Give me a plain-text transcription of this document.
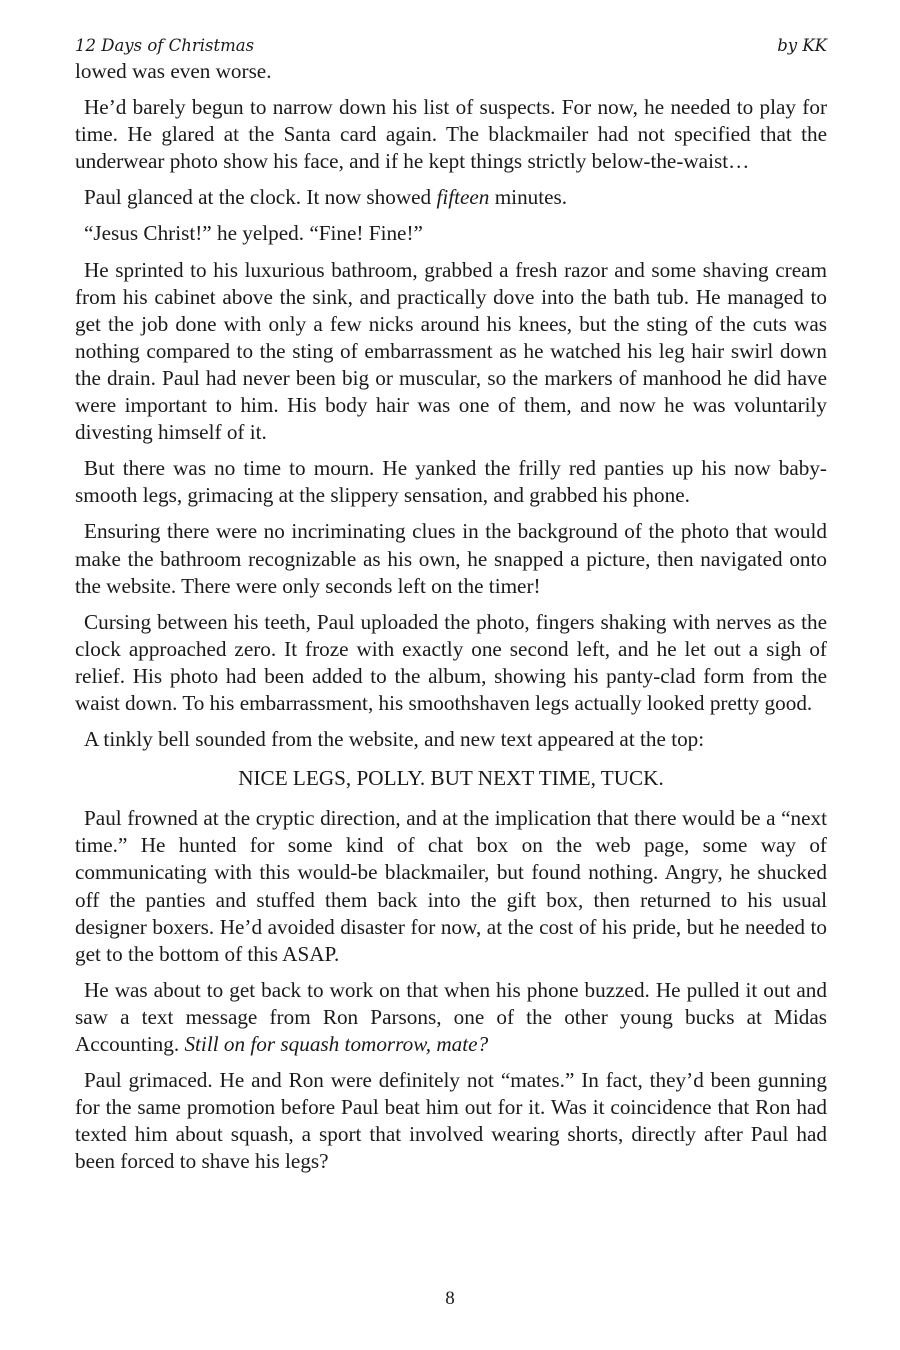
12 Days of Christmas	by KK

lowed was even worse.

He’d barely begun to narrow down his list of suspects. For now, he needed to play for time. He glared at the Santa card again. The blackmailer had not specified that the underwear photo show his face, and if he kept things strictly below-the-waist…

Paul glanced at the clock. It now showed fifteen minutes.

“Jesus Christ!” he yelped. “Fine! Fine!”

He sprinted to his luxurious bathroom, grabbed a fresh razor and some shaving cream from his cabinet above the sink, and practically dove into the bath tub. He managed to get the job done with only a few nicks around his knees, but the sting of the cuts was nothing compared to the sting of embarrassment as he watched his leg hair swirl down the drain. Paul had never been big or muscular, so the markers of manhood he did have were important to him. His body hair was one of them, and now he was voluntarily divesting himself of it.

But there was no time to mourn. He yanked the frilly red panties up his now baby-smooth legs, grimacing at the slippery sensation, and grabbed his phone.

Ensuring there were no incriminating clues in the background of the photo that would make the bathroom recognizable as his own, he snapped a picture, then navigated onto the website. There were only seconds left on the timer!

Cursing between his teeth, Paul uploaded the photo, fingers shaking with nerves as the clock approached zero. It froze with exactly one second left, and he let out a sigh of relief. His photo had been added to the album, showing his panty-clad form from the waist down. To his embarrassment, his smoothshaven legs actually looked pretty good.

A tinkly bell sounded from the website, and new text appeared at the top:

NICE LEGS, POLLY. BUT NEXT TIME, TUCK.

Paul frowned at the cryptic direction, and at the implication that there would be a “next time.” He hunted for some kind of chat box on the web page, some way of communicating with this would-be blackmailer, but found nothing. Angry, he shucked off the panties and stuffed them back into the gift box, then returned to his usual designer boxers. He’d avoided disaster for now, at the cost of his pride, but he needed to get to the bottom of this ASAP.

He was about to get back to work on that when his phone buzzed. He pulled it out and saw a text message from Ron Parsons, one of the other young bucks at Midas Accounting. Still on for squash tomorrow, mate?

Paul grimaced. He and Ron were definitely not “mates.” In fact, they’d been gunning for the same promotion before Paul beat him out for it. Was it coincidence that Ron had texted him about squash, a sport that involved wearing shorts, directly after Paul had been forced to shave his legs?

8
